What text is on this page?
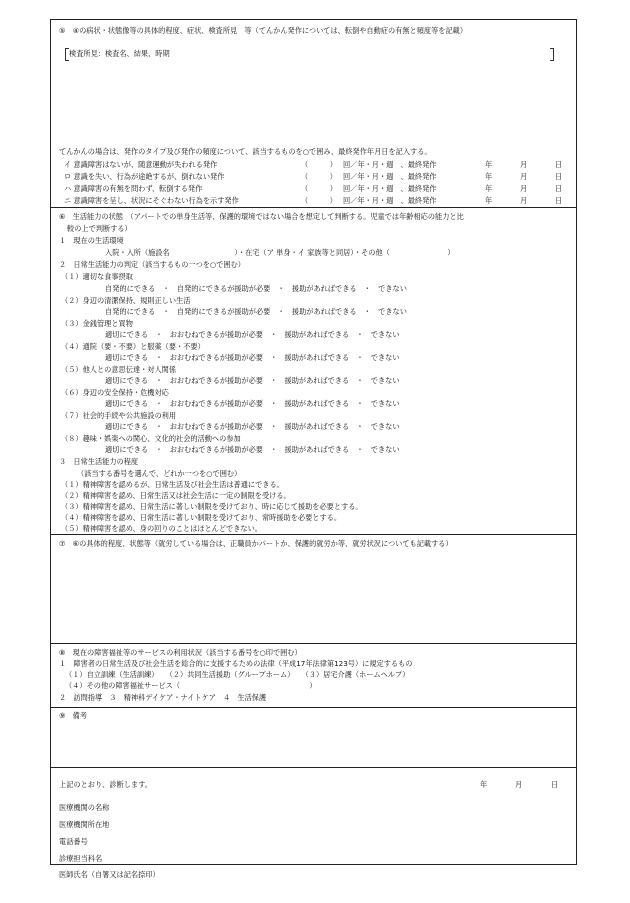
⑤　④の病状・状態像等の具体的程度、症状、検査所見　等（てんかん発作については、転倒や自動症の有無と頻度等を記載）
検査所見：検査名、結果、時期
てんかんの場合は、発作のタイプ及び発作の頻度について、該当するものを○で囲み、最終発作年月日を記入する。
イ 意識障害はないが、随意運動が失われる発作	（　　　） 回／年・月・週　、最終発作	年	月	日
ロ 意識を失い、行為が途絶するが、倒れない発作	（　　　） 回／年・月・週　、最終発作	年	月	日
ハ 意識障害の有無を問わず、転倒する発作	（　　　） 回／年・月・週　、最終発作	年	月	日
ニ 意識障害を呈し、状況にそぐわない行為を示す発作	（　　　） 回／年・月・週　、最終発作	年	月	日
⑥　生活能力の状態　（アパートでの単身生活等、保護的環境ではない場合を想定して判断する。児童では年齢相応の能力と比
較の上で判断する）
１　現在の生活環境
入院・入所（施設名　　　　　　　　　）・在宅（ア 単身・イ 家族等と同居）・その他（　　　　　　　　）
２　日常生活能力の判定（該当するもの一つを○で囲む）
（１）適切な食事摂取
自発的にできる　・　自発的にできるが援助が必要　・　援助があればできる　・　できない
（２）身辺の清潔保持、規則正しい生活
自発的にできる　・　自発的にできるが援助が必要　・　援助があればできる　・　できない
（３）金銭管理と買物
適切にできる　・　おおむねできるが援助が必要　・　援助があればできる　・　できない
（４）通院（要・不要）と服薬（要・不要）
適切にできる　・　おおむねできるが援助が必要　・　援助があればできる　・　できない
（５）他人との意思伝達・対人関係
適切にできる　・　おおむねできるが援助が必要　・　援助があればできる　・　できない
（６）身辺の安全保持・危機対応
適切にできる　・　おおむねできるが援助が必要　・　援助があればできる　・　できない
（７）社会的手続や公共施設の利用
適切にできる　・　おおむねできるが援助が必要　・　援助があればできる　・　できない
（８）趣味・娯楽への関心、文化的社会的活動への参加
適切にできる　・　おおむねできるが援助が必要　・　援助があればできる　・　できない
３　日常生活能力の程度
（該当する番号を選んで、どれか一つを○で囲む）
（１）精神障害を認めるが、日常生活及び社会生活は普通にできる。
（２）精神障害を認め、日常生活又は社会生活に一定の制限を受ける。
（３）精神障害を認め、日常生活に著しい制限を受けており、時に応じて援助を必要とする。
（４）精神障害を認め、日常生活に著しい制限を受けており、常時援助を必要とする。
（５）精神障害を認め、身の回りのことはほとんどできない。
⑦　⑥の具体的程度、状態等（就労している場合は、正職員かパートか、保護的就労か等、就労状況についても記載する）
⑧　現在の障害福祉等のサービスの利用状況（該当する番号を○印で囲む）
１　障害者の日常生活及び社会生活を総合的に支援するための法律（平成17年法律第123号）に規定するもの
（１）自立訓練（生活訓練）　　（２）共同生活援助（グループホーム）　　（３）居宅介護（ホームヘルプ）
（４）その他の障害福祉サービス（　　　　　　　　　　　　　　　　　　）
２　訪問指導　３　精神科デイケア・ナイトケア　４　生活保護
⑨　備考
上記のとおり、診断します。	年	月	日
医療機関の名称
医療機関所在地
電話番号
診療担当科名
医師氏名（自署又は記名捺印）
